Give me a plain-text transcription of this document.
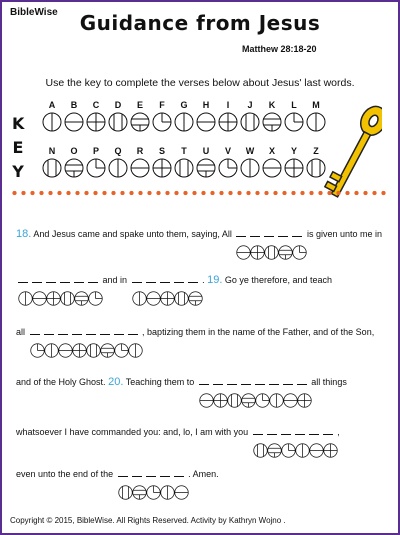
BibleWise	Guidance from Jesus
Matthew 28:18-20
Use the key to complete the verses below about Jesus' last words.
K
E
Y
A	B	C	D	E	F	G	H	I	J	K	L	M
N	O	P	Q	R	S	T	U	V	W	X	Y	Z
18. And Jesus came and spake unto them, saying, All	is given unto me in
and in	. 19. Go ye therefore, and teach
all	, baptizing them in the name of the Father, and of the Son,
and of the Holy Ghost. 20. Teaching them to	all things
whatsoever I have commanded you: and, lo, I am with you	,
even unto the end of the	. Amen.
Copyright © 2015, BibleWise. All Rights Reserved. Activity by Kathryn Wojno .
